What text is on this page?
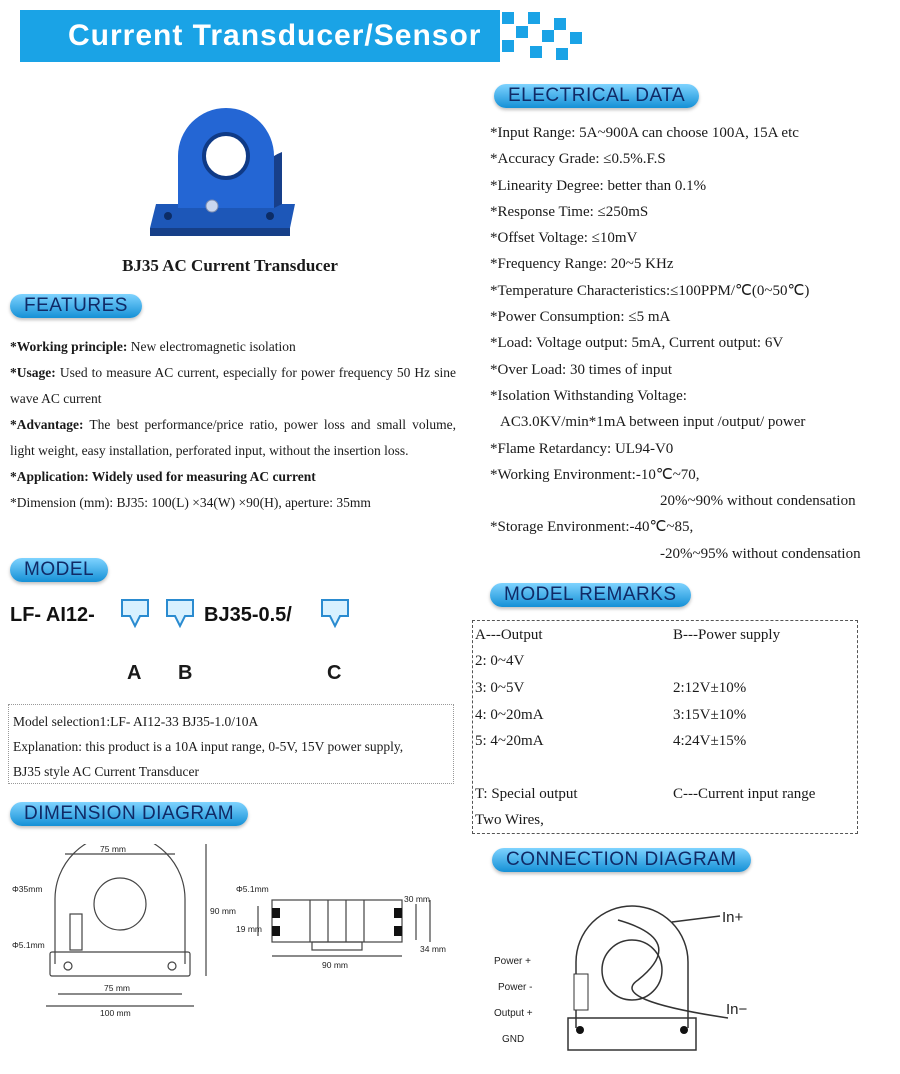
Current Transducer/Sensor
BJ35 AC Current Transducer
ELECTRICAL DATA
FEATURES
MODEL
MODEL REMARKS
DIMENSION DIAGRAM
CONNECTION DIAGRAM

*Working principle: New electromagnetic isolation

*Usage: Used to measure AC current, especially for power frequency 50 Hz sine wave AC current

*Advantage: The best performance/price ratio, power loss and small volume, light weight, easy installation, perforated input, without the insertion loss.

*Application: Widely used for measuring AC current

*Dimension (mm): BJ35: 100(L) ×34(W) ×90(H), aperture: 35mm

LF- AI12-	BJ35-0.5/
A B	C
Model selection1:LF- AI12-33 BJ35-1.0/10A
Explanation: this product is a 10A input range, 0-5V, 15V power supply,
BJ35 style AC Current Transducer
*Input Range: 5A~900A can choose 100A, 15A etc
*Accuracy Grade: ≤0.5%.F.S
*Linearity Degree: better than 0.1%
*Response Time: ≤250mS
*Offset Voltage: ≤10mV
*Frequency Range: 20~5 KHz
*Temperature Characteristics:≤100PPM/℃(0~50℃)
*Power Consumption: ≤5 mA
*Load: Voltage output: 5mA, Current output: 6V
*Over Load: 30 times of input
*Isolation Withstanding Voltage:
AC3.0KV/min*1mA between input /output/ power
*Flame Retardancy: UL94-V0
*Working Environment:-10℃~70,
20%~90% without condensation
*Storage Environment:-40℃~85,
-20%~95% without condensation
A---Output	B---Power supply
2: 0~4V
3: 0~5V	2:12V±10%
4: 0~20mA	3:15V±10%
5: 4~20mA	4:24V±15%
T: Special output	C---Current input range
Two Wires,
75 mm
Φ35mm
Φ5.1mm
90 mm
75 mm
100 mm
Φ5.1mm
19 mm
30 mm
34 mm
90 mm
In+
In−
Power +
Power -
Output +
GND
